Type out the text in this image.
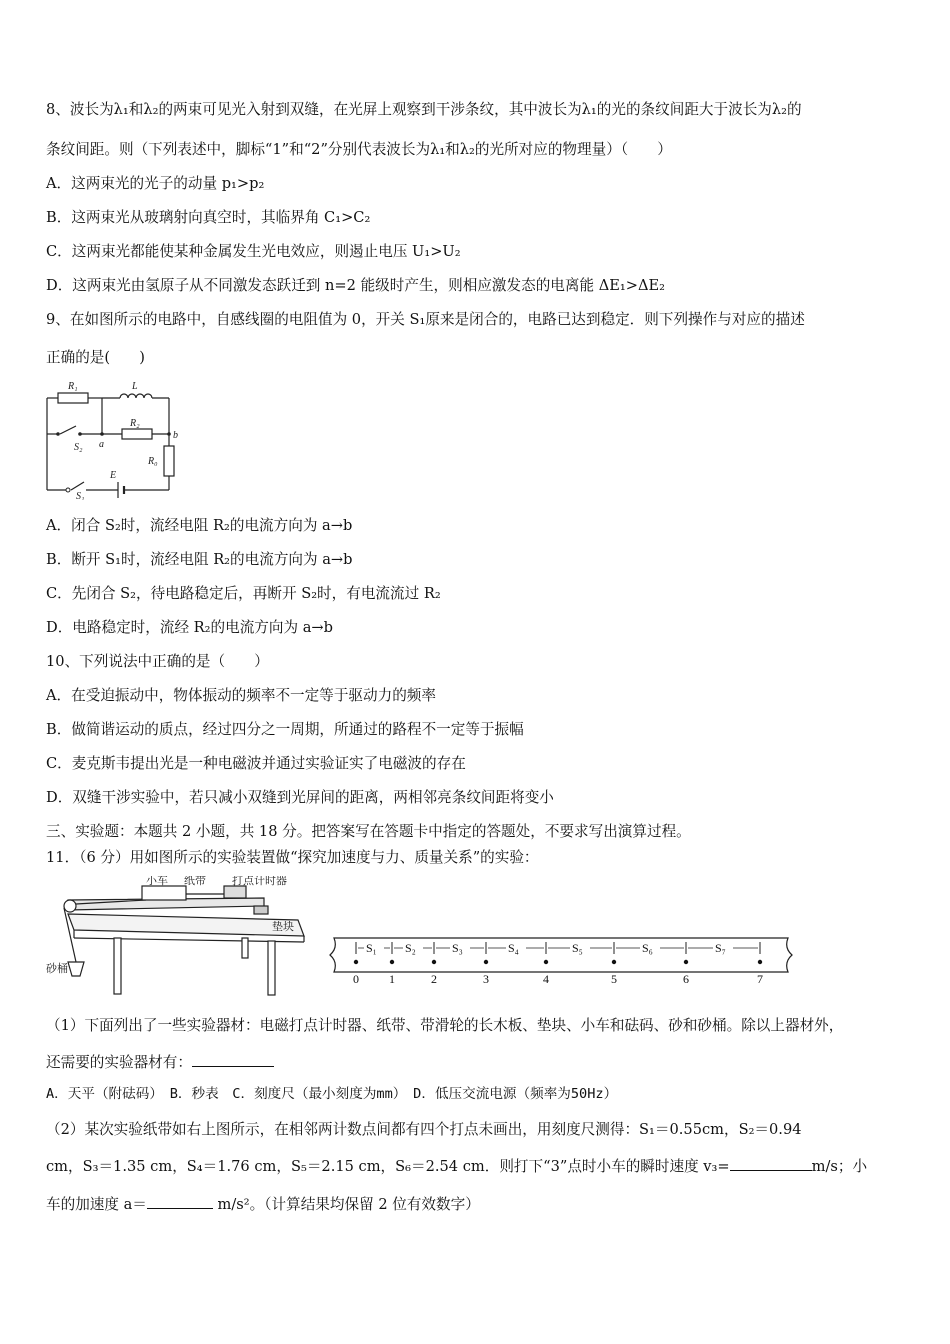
8、波长为λ₁和λ₂的两束可见光入射到双缝，在光屏上观察到干涉条纹，其中波长为λ₁的光的条纹间距大于波长为λ₂的
条纹间距。则（下列表述中，脚标“1”和“2”分别代表波长为λ₁和λ₂的光所对应的物理量）（　　）
A．这两束光的光子的动量 p₁>p₂
B．这两束光从玻璃射向真空时，其临界角 C₁>C₂
C．这两束光都能使某种金属发生光电效应，则遏止电压 U₁>U₂
D．这两束光由氢原子从不同激发态跃迁到 n=2 能级时产生，则相应激发态的电离能 ΔE₁>ΔE₂
9、在如图所示的电路中，自感线圈的电阻值为 0，开关 S₁原来是闭合的，电路已达到稳定．则下列操作与对应的描述
正确的是(　　)
R₁	L
R₂
R₀
E
S₂
S₁
a
b
A．闭合 S₂时，流经电阻 R₂的电流方向为 a→b
B．断开 S₁时，流经电阻 R₂的电流方向为 a→b
C．先闭合 S₂，待电路稳定后，再断开 S₂时，有电流流过 R₂
D．电路稳定时，流经 R₂的电流方向为 a→b
10、下列说法中正确的是（　　）
A．在受迫振动中，物体振动的频率不一定等于驱动力的频率
B．做简谐运动的质点，经过四分之一周期，所通过的路程不一定等于振幅
C．麦克斯韦提出光是一种电磁波并通过实验证实了电磁波的存在
D．双缝干涉实验中，若只减小双缝到光屏间的距离，两相邻亮条纹间距将变小
三、实验题：本题共 2 小题，共 18 分。把答案写在答题卡中指定的答题处，不要求写出演算过程。
11．（6 分）用如图所示的实验装置做“探究加速度与力、质量关系”的实验：
小车 纸带 打点计时器
垫块
砂桶
0	1	2	3	4	5	6	7
S₁ S₂	S₃	S₄	S₅	S₆	S₇
（1）下面列出了一些实验器材：电磁打点计时器、纸带、带滑轮的长木板、垫块、小车和砝码、砂和砂桶。除以上器材外，
还需要的实验器材有：
A．天平（附砝码）　B．秒表　C．刻度尺（最小刻度为mm）　D．低压交流电源（频率为50Hz）
（2）某次实验纸带如右上图所示，在相邻两计数点间都有四个打点未画出，用刻度尺测得：S₁＝0.55cm，S₂＝0.94
cm，S₃＝1.35 cm，S₄＝1.76 cm，S₅＝2.15 cm，S₆＝2.54 cm．则打下“3”点时小车的瞬时速度 v₃=	m/s；小
车的加速度 a＝	m/s²。（计算结果均保留 2 位有效数字）
